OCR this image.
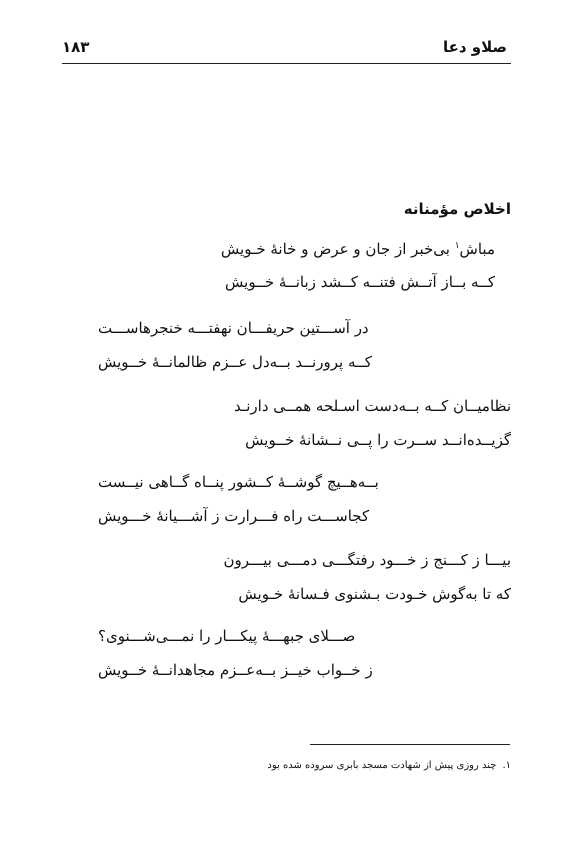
صلاو دعا
۱۸۳
اخلاص مؤمنانه
مباش$^۱$ بی‌خبر از جان و عرض و خانهٔ خـویش
کــه بــاز آتــش فتنــه کــشد زبانــهٔ خــویش
در آســـتین حریفـــان نهفتـــه خنجرهاســـت
کــه پرورنــد بــه‌دل عــزم ظالمانــهٔ خــویش
نظامیــان کــه بــه‌دست اسـلحه همــی دارنـد
گزیــده‌انــد ســرت را پــی نــشانهٔ خــویش
بــه‌هــیچ گوشــهٔ کــشور پنــاه گــاهی نیــست
کجاســـت راه فـــرارت ز آشـــیانهٔ خـــویش
بیـــا ز کـــنج ز خـــود رفتگـــی دمـــی بیـــرون
که تا به‌گوش خـودت بـشنوی فـسانهٔ خـویش
صـــلای جبهـــهٔ پیکـــار را نمـــی‌شـــنوی؟
ز خــواب خیــز بــه‌عــزم مجاهدانــهٔ خــویش
۱.چند روزی پیش از شهادت مسجد بابری سروده شده بود
